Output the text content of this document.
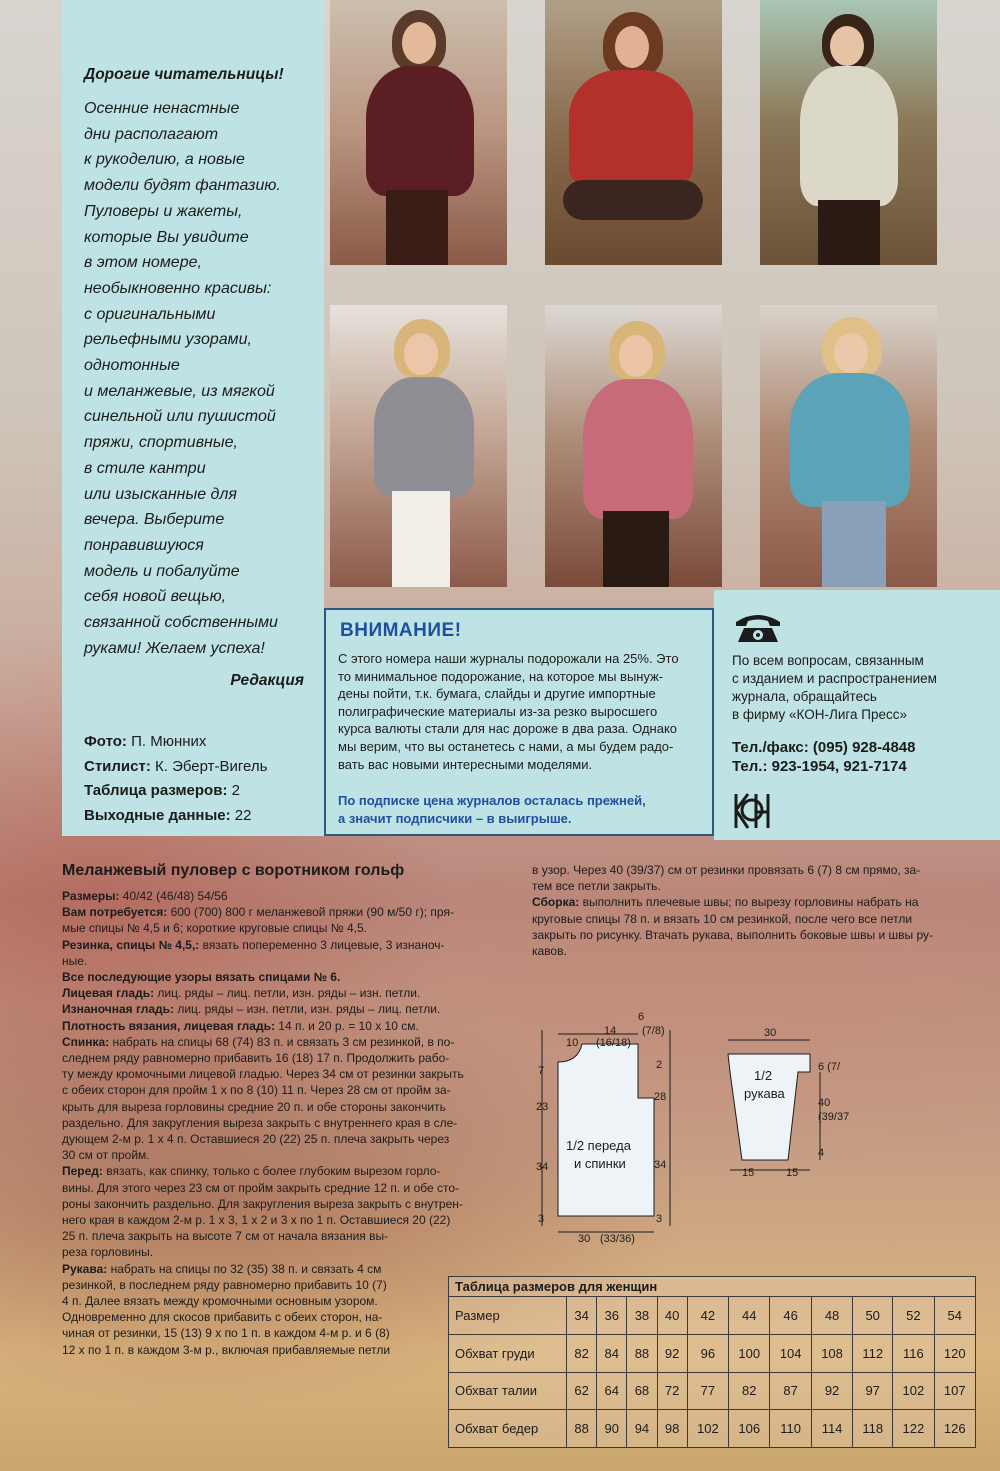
Дорогие читательницы!
Осенние ненастные
дни располагают
к рукоделию, а новые
модели будят фантазию.
Пуловеры и жакеты,
которые Вы увидите
в этом номере,
необыкновенно красивы:
с оригинальными
рельефными узорами,
однотонные
и меланжевые, из мягкой
синельной или пушистой
пряжи, спортивные,
в стиле кантри
или изысканные для
вечера. Выберите
понравившуюся
модель и побалуйте
себя новой вещью,
связанной собственными
руками! Желаем успеха!
Редакция
Фото: П. Мюнних
Стилист: К. Эберт-Вигель
Таблица размеров: 2
Выходные данные: 22
ВНИМАНИЕ!
С этого номера наши журналы подорожали на 25%. Это
то минимальное подорожание, на которое мы вынуж-
дены пойти, т.к. бумага, слайды и другие импортные
полиграфические материалы из-за резко выросшего
курса валюты стали для нас дороже в два раза. Однако
мы верим, что вы останетесь с нами, а мы будем радо-
вать вас новыми интересными моделями.
По подписке цена журналов осталась прежней,
а значит подписчики – в выигрыше.
По всем вопросам, связанным
с изданием и распространением
журнала, обращайтесь
в фирму «КОН-Лига Пресс»
Тел./факс: (095) 928-4848
Тел.: 923-1954, 921-7174
Меланжевый пуловер с воротником гольф
Размеры: 40/42 (46/48) 54/56
Вам потребуется: 600 (700) 800 г меланжевой пряжи (90 м/50 г); пря-
мые спицы № 4,5 и 6; короткие круговые спицы № 4,5.
Резинка, спицы № 4,5,: вязать попеременно 3 лицевые, 3 изнаноч-
ные.
Все последующие узоры вязать спицами № 6.
Лицевая гладь: лиц. ряды – лиц. петли, изн. ряды – изн. петли.
Изнаночная гладь: лиц. ряды – изн. петли, изн. ряды – лиц. петли.
Плотность вязания, лицевая гладь: 14 п. и 20 р. = 10 х 10 см.
Спинка: набрать на спицы 68 (74) 83 п. и связать 3 см резинкой, в по-
следнем ряду равномерно прибавить 16 (18) 17 п. Продолжить рабо-
ту между кромочными лицевой гладью. Через 34 см от резинки закрыть
с обеих сторон для пройм 1 х по 8 (10) 11 п. Через 28 см от пройм за-
крыть для выреза горловины средние 20 п. и обе стороны закончить
раздельно. Для закругления выреза закрыть с внутреннего края в сле-
дующем 2-м р. 1 х 4 п. Оставшиеся 20 (22) 25 п. плеча закрыть через
30 см от пройм.
Перед: вязать, как спинку, только с более глубоким вырезом горло-
вины. Для этого через 23 см от пройм закрыть средние 12 п. и обе сто-
роны закончить раздельно. Для закругления выреза закрыть с внутрен-
него края в каждом 2-м р. 1 х 3, 1 х 2 и 3 х по 1 п. Оставшиеся 20 (22)
25 п. плеча закрыть на высоте 7 см от начала вязания вы-
реза горловины.
Рукава: набрать на спицы по 32 (35) 38 п. и связать 4 см
резинкой, в последнем ряду равномерно прибавить 10 (7)
4 п. Далее вязать между кромочными основным узором.
Одновременно для скосов прибавить с обеих сторон, на-
чиная от резинки, 15 (13) 9 х по 1 п. в каждом 4-м р. и 6 (8)
12 х по 1 п. в каждом 3-м р., включая прибавляемые петли
в узор. Через 40 (39/37) см от резинки провязать 6 (7) 8 см прямо, за-
тем все петли закрыть.
Сборка: выполнить плечевые швы; по вырезу горловины набрать на
круговые спицы 78 п. и вязать 10 см резинкой, после чего все петли
закрыть по рисунку. Втачать рукава, выполнить боковые швы и швы ру-
кавов.
6
14 (7/8)
(16/18)
10
2
7
23
28
34	34
3	3
30 (33/36)
1/2 переда
и спинки
30
6 (7/
1/2
рукава
40
(39/37
4
15	15
Таблица размеров для женщин
Размер	34	36	38	40	42	44	46	48	50	52	54
Обхват груди	82	84	88	92	96	100	104	108	112	116	120
Обхват талии	62	64	68	72	77	82	87	92	97	102	107
Обхват бедер	88	90	94	98	102	106	110	114	118	122	126
